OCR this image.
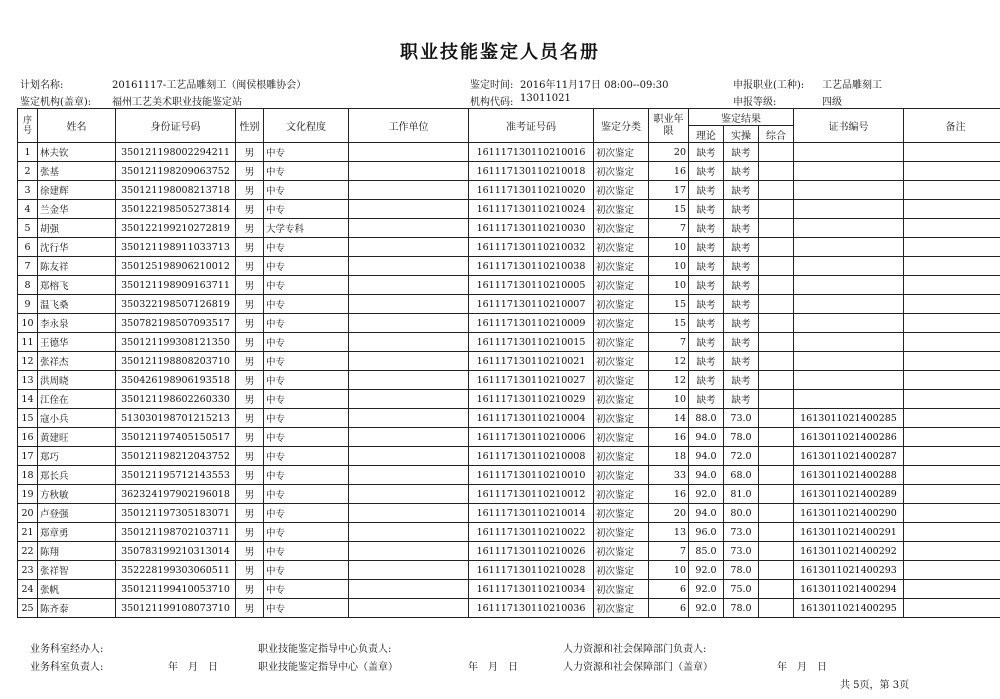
职业技能鉴定人员名册
计划名称:	20161117-工艺品雕刻工（闽侯根雕协会）	鉴定时间: 2016年11月17日 08:00--09:30	申报职业(工种): 工艺品雕刻工
鉴定机构(盖章): 福州工艺美术职业技能鉴定站	机构代码: 13011021	申报等级:	四级
序号	姓名	身份证号码	性别	文化程度	工作单位	准考证号码	鉴定分类	职业年限	鉴定结果			证书编号	备注
									理论	实操	综合		
1	林夫钦	350121198002294211	男	中专		161117130110210016	初次鉴定	20	缺考	缺考			
2	张基	350121198209063752	男	中专		161117130110210018	初次鉴定	16	缺考	缺考			
3	徐建辉	350121198008213718	男	中专		161117130110210020	初次鉴定	17	缺考	缺考			
4	兰金华	350122198505273814	男	中专		161117130110210024	初次鉴定	15	缺考	缺考			
5	胡强	350122199210272819	男	大学专科		161117130110210030	初次鉴定	7	缺考	缺考			
6	沈行华	350121198911033713	男	中专		161117130110210032	初次鉴定	10	缺考	缺考			
7	陈友祥	350125198906210012	男	中专		161117130110210038	初次鉴定	10	缺考	缺考			
8	郑榕飞	350121198909163711	男	中专		161117130110210005	初次鉴定	10	缺考	缺考			
9	温飞桑	350322198507126819	男	中专		161117130110210007	初次鉴定	15	缺考	缺考			
10	李永泉	350782198507093517	男	中专		161117130110210009	初次鉴定	15	缺考	缺考			
11	王德华	350121199308121350	男	中专		161117130110210015	初次鉴定	7	缺考	缺考			
12	张祥杰	350121198808203710	男	中专		161117130110210021	初次鉴定	12	缺考	缺考			
13	洪周晓	350426198906193518	男	中专		161117130110210027	初次鉴定	12	缺考	缺考			
14	江佺在	350121198602260330	男	中专		161117130110210029	初次鉴定	10	缺考	缺考			
15	寇小兵	513030198701215213	男	中专		161117130110210004	初次鉴定	14	88.0	73.0		161301102140028​5	
16	黄建旺	350121197405150517	男	中专		161117130110210006	初次鉴定	16	94.0	78.0		1613011021400286	
17	郑巧	350121198212043752	男	中专		161117130110210008	初次鉴定	18	94.0	72.0		1613011021400287	
18	郑长兵	350121195712143553	男	中专		161117130110210010	初次鉴定	33	94.0	68.0		1613011021400288	
19	方秋敏	362324197902196018	男	中专		161117130110210012	初次鉴定	16	92.0	81.0		1613011021400289	
20	卢登强	350121197305183071	男	中专		161117130110210014	初次鉴定	20	94.0	80.0		1613011021400290	
21	郑章勇	350121198702103711	男	中专		161117130110210022	初次鉴定	13	96.0	73.0		1613011021400291	
22	陈翔	350783199210313014	男	中专		161117130110210026	初次鉴定	7	85.0	73.0		1613011021400292	
23	张祥智	352228199303060511	男	中专		161117130110210028	初次鉴定	10	92.0	78.0		1613011021400293	
24	张帆	350121199410053710	男	中专		161117130110210034	初次鉴定	6	92.0	75.0		1613011021400294	
25	陈齐泰	350121199108073710	男	中专		161117130110210036	初次鉴定	6	92.0	78.0		1613011021400295	
业务科室经办人:	职业技能鉴定指导中心负责人:	人力资源和社会保障部门负责人:
业务科室负责人:	年　月　日	职业技能鉴定指导中心（盖章）	年　月　日	人力资源和社会保障部门（盖章）	年　月　日
共 5页，第 3页
